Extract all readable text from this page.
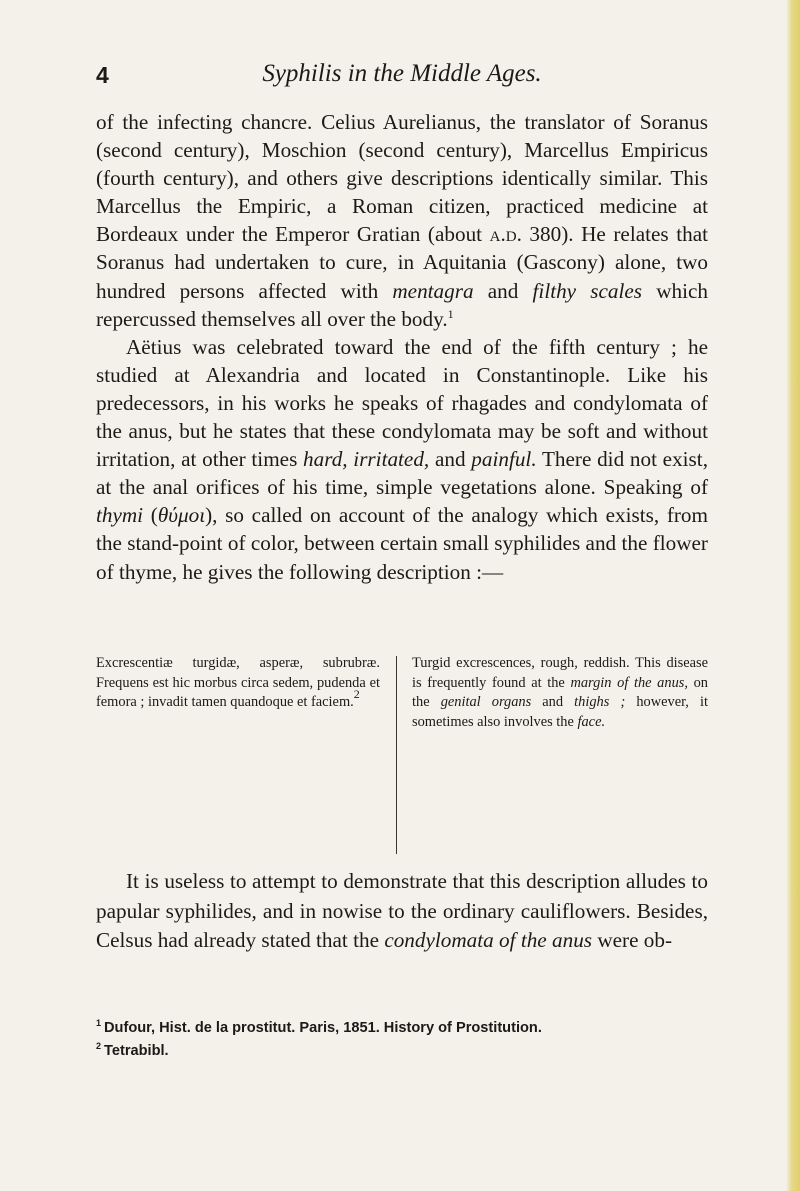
4	Syphilis in the Middle Ages.

of the infecting chancre. Celius Aurelianus, the translator of Soranus (second century), Moschion (second century), Marcellus Empiricus (fourth century), and others give descriptions identically similar. This Marcellus the Empiric, a Roman citizen, practiced medicine at Bordeaux under the Emperor Gratian (about a.d. 380). He relates that Soranus had undertaken to cure, in Aquitania (Gascony) alone, two hundred persons affected with mentagra and filthy scales which repercussed themselves all over the body.$^1$

Aëtius was celebrated toward the end of the fifth century ; he studied at Alexandria and located in Constantinople. Like his predecessors, in his works he speaks of rhagades and condylomata of the anus, but he states that these condylomata may be soft and without irritation, at other times hard, irritated, and painful. There did not exist, at the anal orifices of his time, simple vegetations alone. Speaking of thymi (θύμοι), so called on account of the analogy which exists, from the stand-point of color, between certain small syphilides and the flower of thyme, he gives the following description :—

Excrescentiæ turgidæ, asperæ, subrubræ. Frequens est hic morbus circa sedem, pudenda et femora ; invadit tamen quandoque et faciem.$^2$
Turgid excrescences, rough, reddish. This disease is frequently found at the margin of the anus, on the genital organs and thighs ; however, it sometimes also involves the face.

It is useless to attempt to demonstrate that this description alludes to papular syphilides, and in nowise to the ordinary cauliflowers. Besides, Celsus had already stated that the condylomata of the anus were ob-

$^1$ Dufour, Hist. de la prostitut. Paris, 1851. History of Prostitution.
$^2$ Tetrabibl.
